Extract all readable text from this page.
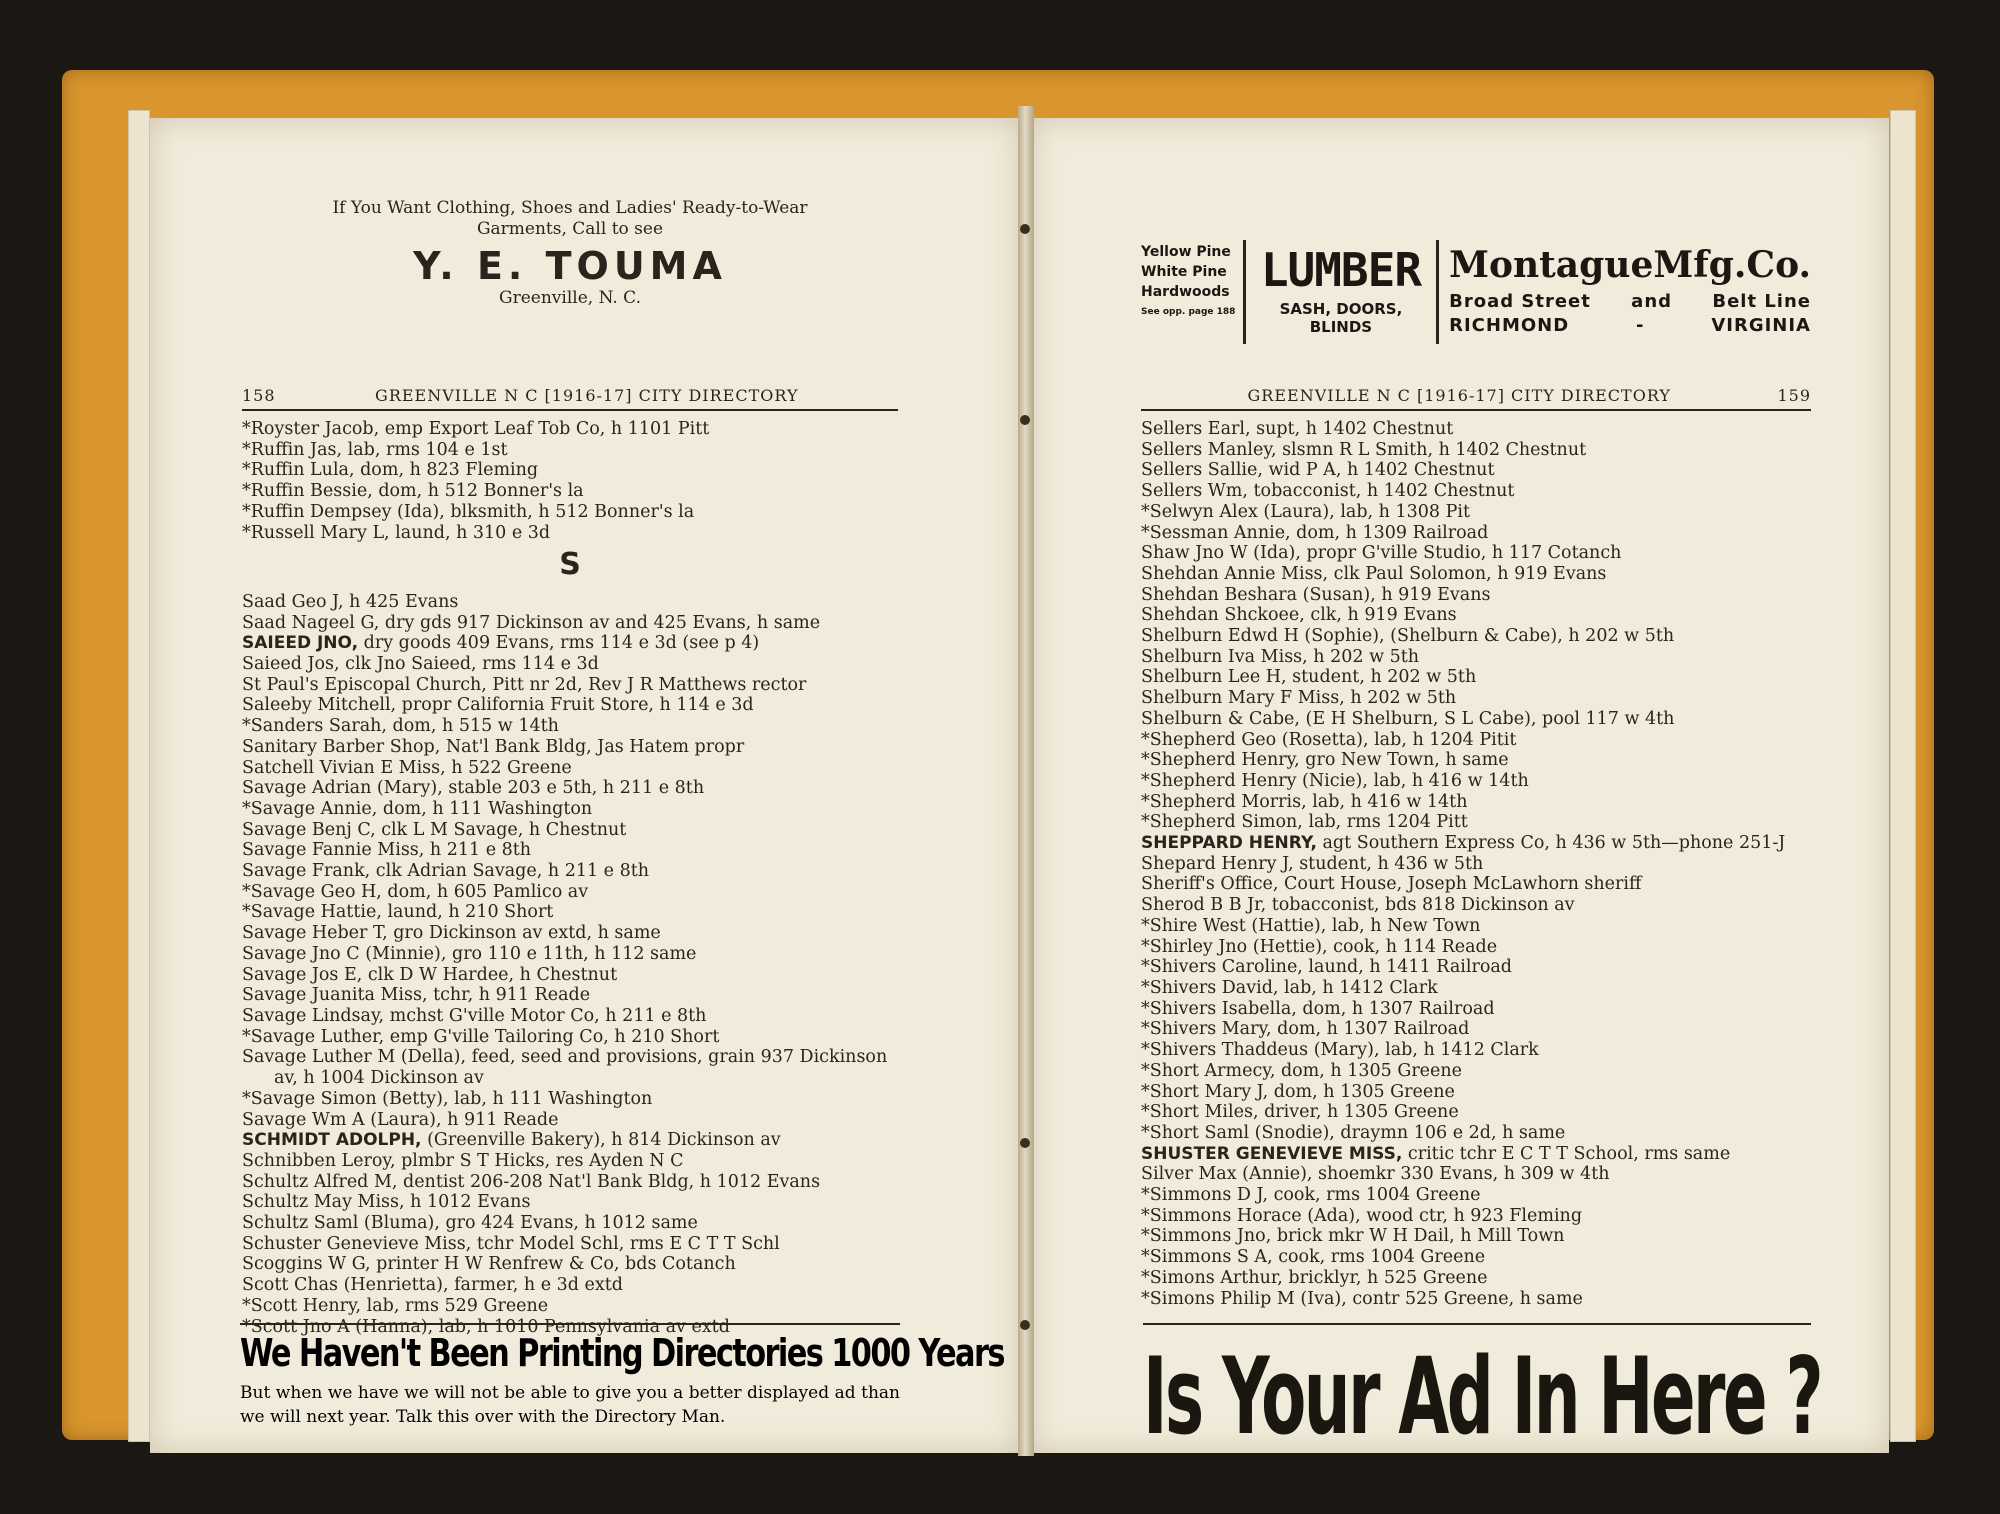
If You Want Clothing, Shoes and Ladies' Ready-to-Wear
Garments, Call to see
Y. E. TOUMA
Greenville, N. C.
158	GREENVILLE N C [1916-17] CITY DIRECTORY
*Royster Jacob, emp Export Leaf Tob Co, h 1101 Pitt
*Ruffin Jas, lab, rms 104 e 1st
*Ruffin Lula, dom, h 823 Fleming
*Ruffin Bessie, dom, h 512 Bonner's la
*Ruffin Dempsey (Ida), blksmith, h 512 Bonner's la
*Russell Mary L, laund, h 310 e 3d
S
Saad Geo J, h 425 Evans
Saad Nageel G, dry gds 917 Dickinson av and 425 Evans, h same
SAIEED JNO, dry goods 409 Evans, rms 114 e 3d (see p 4)
Saieed Jos, clk Jno Saieed, rms 114 e 3d
St Paul's Episcopal Church, Pitt nr 2d, Rev J R Matthews rector
Saleeby Mitchell, propr California Fruit Store, h 114 e 3d
*Sanders Sarah, dom, h 515 w 14th
Sanitary Barber Shop, Nat'l Bank Bldg, Jas Hatem propr
Satchell Vivian E Miss, h 522 Greene
Savage Adrian (Mary), stable 203 e 5th, h 211 e 8th
*Savage Annie, dom, h 111 Washington
Savage Benj C, clk L M Savage, h Chestnut
Savage Fannie Miss, h 211 e 8th
Savage Frank, clk Adrian Savage, h 211 e 8th
*Savage Geo H, dom, h 605 Pamlico av
*Savage Hattie, laund, h 210 Short
Savage Heber T, gro Dickinson av extd, h same
Savage Jno C (Minnie), gro 110 e 11th, h 112 same
Savage Jos E, clk D W Hardee, h Chestnut
Savage Juanita Miss, tchr, h 911 Reade
Savage Lindsay, mchst G'ville Motor Co, h 211 e 8th
*Savage Luther, emp G'ville Tailoring Co, h 210 Short
Savage Luther M (Della), feed, seed and provisions, grain 937 Dickinson av, h 1004 Dickinson av
*Savage Simon (Betty), lab, h 111 Washington
Savage Wm A (Laura), h 911 Reade
SCHMIDT ADOLPH, (Greenville Bakery), h 814 Dickinson av
Schnibben Leroy, plmbr S T Hicks, res Ayden N C
Schultz Alfred M, dentist 206-208 Nat'l Bank Bldg, h 1012 Evans
Schultz May Miss, h 1012 Evans
Schultz Saml (Bluma), gro 424 Evans, h 1012 same
Schuster Genevieve Miss, tchr Model Schl, rms E C T T Schl
Scoggins W G, printer H W Renfrew & Co, bds Cotanch
Scott Chas (Henrietta), farmer, h e 3d extd
*Scott Henry, lab, rms 529 Greene
*Scott Jno A (Hanna), lab, h 1010 Pennsylvania av extd
We Haven't Been Printing Directories 1000 Years
But when we have we will not be able to give you a better displayed ad than we will next year. Talk this over with the Directory Man.
Yellow Pine
White Pine
Hardwoods
See opp. page 188
LUMBER
SASH, DOORS, BLINDS
Montague Mfg. Co.
Broad Street and Belt Line
RICHMOND	-	VIRGINIA
GREENVILLE N C [1916-17] CITY DIRECTORY	159
Sellers Earl, supt, h 1402 Chestnut
Sellers Manley, slsmn R L Smith, h 1402 Chestnut
Sellers Sallie, wid P A, h 1402 Chestnut
Sellers Wm, tobacconist, h 1402 Chestnut
*Selwyn Alex (Laura), lab, h 1308 Pit
*Sessman Annie, dom, h 1309 Railroad
Shaw Jno W (Ida), propr G'ville Studio, h 117 Cotanch
Shehdan Annie Miss, clk Paul Solomon, h 919 Evans
Shehdan Beshara (Susan), h 919 Evans
Shehdan Shckoee, clk, h 919 Evans
Shelburn Edwd H (Sophie), (Shelburn & Cabe), h 202 w 5th
Shelburn Iva Miss, h 202 w 5th
Shelburn Lee H, student, h 202 w 5th
Shelburn Mary F Miss, h 202 w 5th
Shelburn & Cabe, (E H Shelburn, S L Cabe), pool 117 w 4th
*Shepherd Geo (Rosetta), lab, h 1204 Pitit
*Shepherd Henry, gro New Town, h same
*Shepherd Henry (Nicie), lab, h 416 w 14th
*Shepherd Morris, lab, h 416 w 14th
*Shepherd Simon, lab, rms 1204 Pitt
SHEPPARD HENRY, agt Southern Express Co, h 436 w 5th—phone 251-J
Shepard Henry J, student, h 436 w 5th
Sheriff's Office, Court House, Joseph McLawhorn sheriff
Sherod B B Jr, tobacconist, bds 818 Dickinson av
*Shire West (Hattie), lab, h New Town
*Shirley Jno (Hettie), cook, h 114 Reade
*Shivers Caroline, laund, h 1411 Railroad
*Shivers David, lab, h 1412 Clark
*Shivers Isabella, dom, h 1307 Railroad
*Shivers Mary, dom, h 1307 Railroad
*Shivers Thaddeus (Mary), lab, h 1412 Clark
*Short Armecy, dom, h 1305 Greene
*Short Mary J, dom, h 1305 Greene
*Short Miles, driver, h 1305 Greene
*Short Saml (Snodie), draymn 106 e 2d, h same
SHUSTER GENEVIEVE MISS, critic tchr E C T T School, rms same
Silver Max (Annie), shoemkr 330 Evans, h 309 w 4th
*Simmons D J, cook, rms 1004 Greene
*Simmons Horace (Ada), wood ctr, h 923 Fleming
*Simmons Jno, brick mkr W H Dail, h Mill Town
*Simmons S A, cook, rms 1004 Greene
*Simons Arthur, bricklyr, h 525 Greene
*Simons Philip M (Iva), contr 525 Greene, h same
Is Your Ad In Here ?
